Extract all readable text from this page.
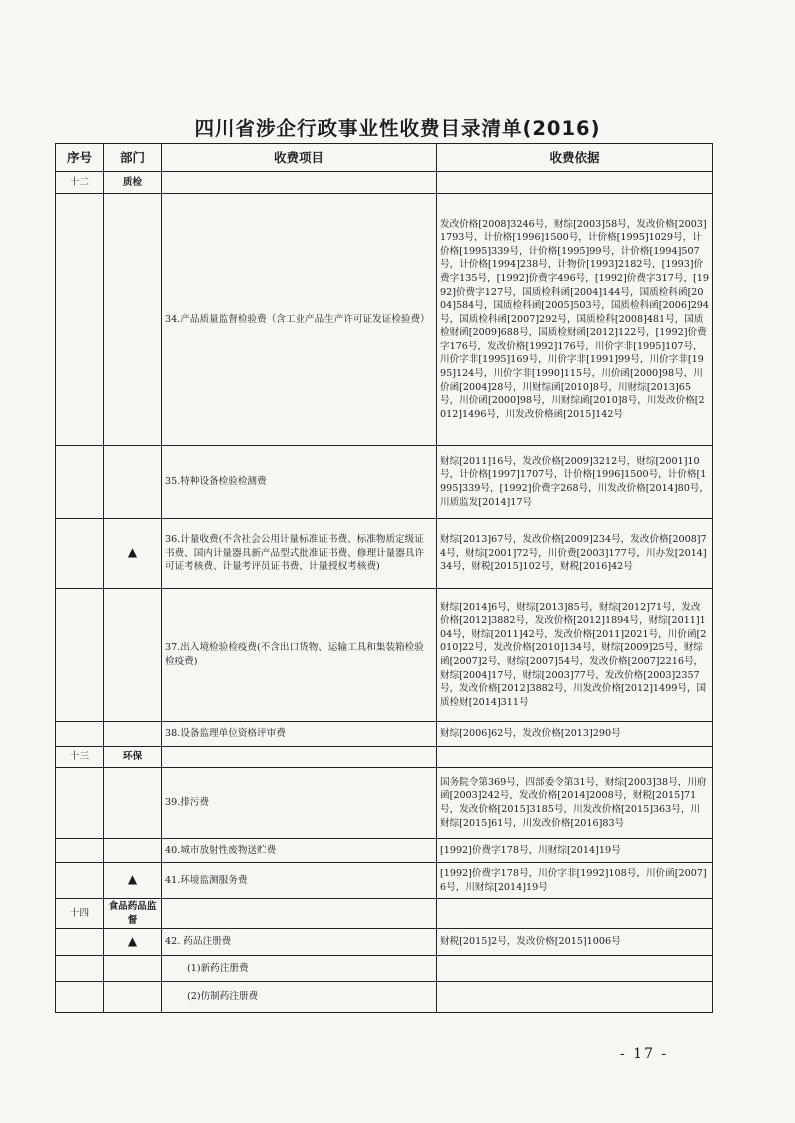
四川省涉企行政事业性收费目录清单(2016)
序号	部门	收费项目	收费依据
十二	质检		
		34.产品质量监督检验费（含工业产品生产许可证发证检验费）	发改价格[2008]3246号，财综[2003]58号，发改价格[2003]1793号，计价格[1996]1500号，计价格[1995]1029号，计价格[1995]339号，计价格[1995]99号，计价格[1994]507号，计价格[1994]238号，计物价[1993]2182号，[1993]价费字135号，[1992]价费字496号，[1992]价费字317号，[1992]价费字127号，国质检科函[2004]144号，国质检科函[2004]584号，国质检科函[2005]503号，国质检科函[2006]294号，国质检科函[2007]292号，国质检科[2008]481号，国质检财函[2009]688号，国质检财函[2012]122号，[1992]价费字176号，发改价格[1992]176号，川价字非[1995]107号，川价字非[1995]169号，川价字非[1991]99号，川价字非[1995]124号，川价字非[1990]115号，川价函[2000]98号，川价函[2004]28号，川财综函[2010]8号，川财综[2013]65号，川价函[2000]98号，川财综函[2010]8号，川发改价格[2012]1496号，川发改价格函[2015]142号
		35.特种设备检验检测费	财综[2011]16号，发改价格[2009]3212号，财综[2001]10号，计价格[1997]1707号，计价格[1996]1500号，计价格[1995]339号，[1992]价费字268号，川发改价格[2014]80号，川质监发[2014]17号
	▲	36.计量收费(不含社会公用计量标准证书费、标准物质定级证书费、国内计量器具新产品型式批准证书费、修理计量器具许可证考核费、计量考评员证书费、计量授权考核费)	财综[2013]67号，发改价格[2009]234号，发改价格[2008]74号，财综[2001]72号，川价费[2003]177号，川办发[2014]34号，财税[2015]102号，财税[2016]42号
		37.出入境检验检疫费(不含出口货物、运输工具和集装箱检验检疫费)	财综[2014]6号，财综[2013]85号，财综[2012]71号，发改价格[2012]3882号，发改价格[2012]1894号，财综[2011]104号，财综[2011]42号，发改价格[2011]2021号，川价函[2010]22号，发改价格[2010]134号，财综[2009]25号，财综函[2007]2号，财综[2007]54号，发改价格[2007]2216号，财综[2004]17号，财综[2003]77号，发改价格[2003]2357号，发改价格[2012]3882号，川发改价格[2012]1499号，国质检财[2014]311号
		38.设备监理单位资格评审费	财综[2006]62号，发改价格[2013]290号
十三	环保		
		39.排污费	国务院令第369号，四部委令第31号，财综[2003]38号，川府函[2003]242号，发改价格[2014]2008号，财税[2015]71号，发改价格[2015]3185号，川发改价格[2015]363号，川财综[2015]61号，川发改价格[2016]83号
		40.城市放射性废物送贮费	[1992]价费字178号，川财综[2014]19号
	▲	41.环境监测服务费	[1992]价费字178号，川价字非[1992]108号，川价函[2007]6号，川财综[2014]19号
十四	食品药品监督		
	▲	42. 药品注册费	财税[2015]2号，发改价格[2015]1006号

		(1)新药注册费	

		(2)仿制药注册费	

- 17 -
